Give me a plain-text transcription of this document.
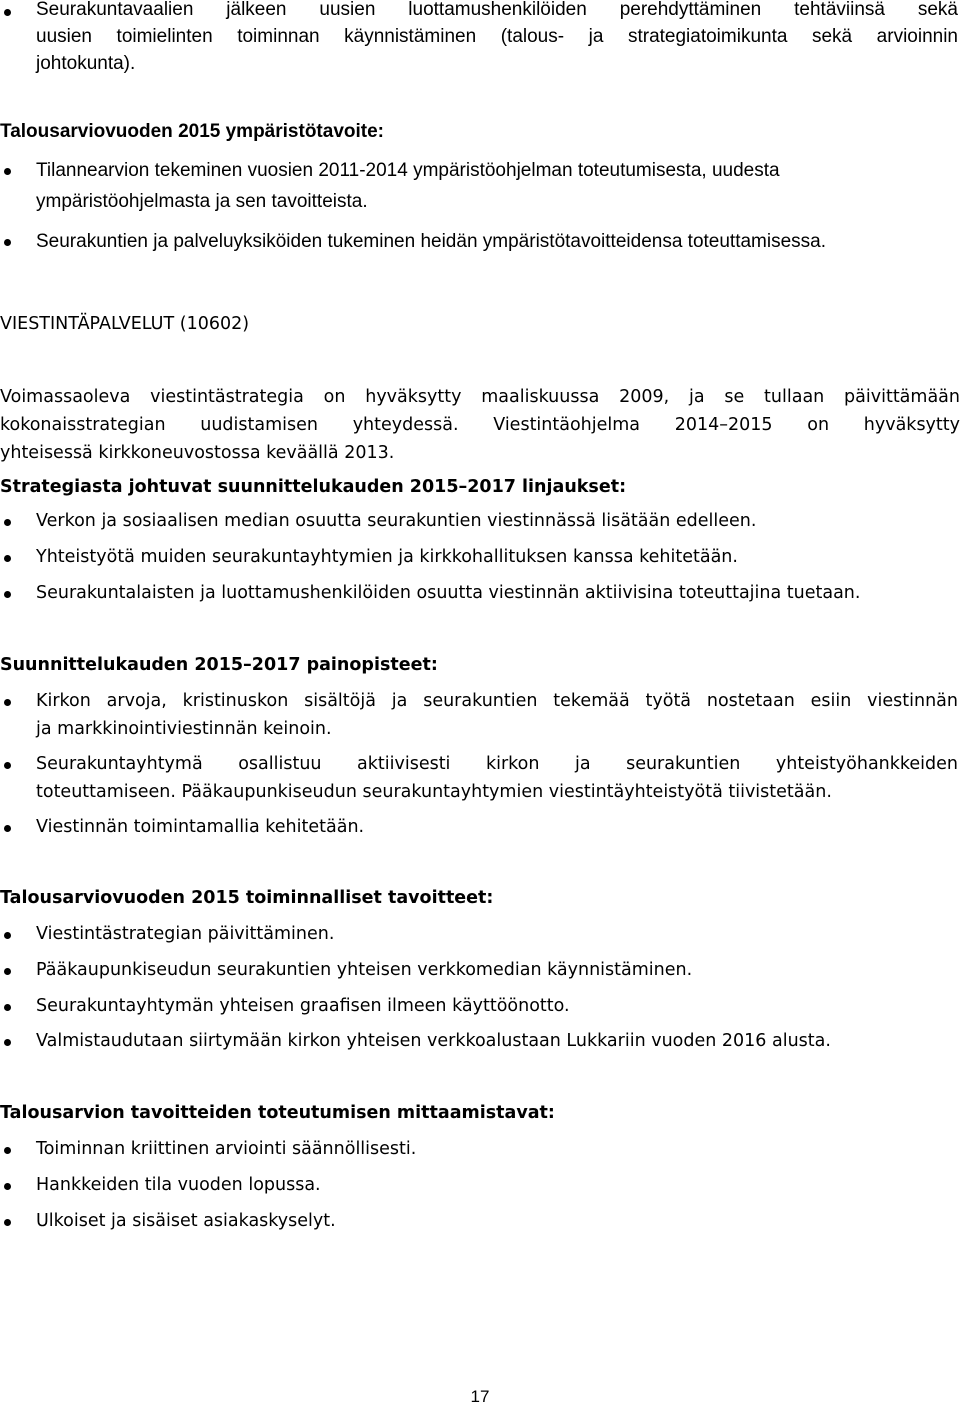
Seurakuntavaalien jälkeen uusien luottamushenkilöiden perehdyttäminen tehtäviinsä sekä
uusien toimielinten toiminnan käynnistäminen (talous- ja strategiatoimikunta sekä arvioinnin
johtokunta).
Talousarviovuoden 2015 ympäristötavoite:
Tilannearvion tekeminen vuosien 2011-2014 ympäristöohjelman toteutumisesta, uudesta
ympäristöohjelmasta ja sen tavoitteista.
Seurakuntien ja palveluyksiköiden tukeminen heidän ympäristötavoitteidensa toteuttamisessa.
VIESTINTÄPALVELUT (10602)
Voimassaoleva viestintästrategia on hyväksytty maaliskuussa 2009, ja se tullaan päivittämään
kokonaisstrategian uudistamisen yhteydessä. Viestintäohjelma 2014–2015 on hyväksytty
yhteisessä kirkkoneuvostossa keväällä 2013.
Strategiasta johtuvat suunnittelukauden 2015–2017 linjaukset:
Verkon ja sosiaalisen median osuutta seurakuntien viestinnässä lisätään edelleen.
Yhteistyötä muiden seurakuntayhtymien ja kirkkohallituksen kanssa kehitetään.
Seurakuntalaisten ja luottamushenkilöiden osuutta viestinnän aktiivisina toteuttajina tuetaan.
Suunnittelukauden 2015–2017 painopisteet:
Kirkon arvoja, kristinuskon sisältöjä ja seurakuntien tekemää työtä nostetaan esiin viestinnän
ja markkinointiviestinnän keinoin.
Seurakuntayhtymä osallistuu aktiivisesti kirkon ja seurakuntien yhteistyöhankkeiden
toteuttamiseen. Pääkaupunkiseudun seurakuntayhtymien viestintäyhteistyötä tiivistetään.
Viestinnän toimintamallia kehitetään.
Talousarviovuoden 2015 toiminnalliset tavoitteet:
Viestintästrategian päivittäminen.
Pääkaupunkiseudun seurakuntien yhteisen verkkomedian käynnistäminen.
Seurakuntayhtymän yhteisen graafisen ilmeen käyttöönotto.
Valmistaudutaan siirtymään kirkon yhteisen verkkoalustaan Lukkariin vuoden 2016 alusta.
Talousarvion tavoitteiden toteutumisen mittaamistavat:
Toiminnan kriittinen arviointi säännöllisesti.
Hankkeiden tila vuoden lopussa.
Ulkoiset ja sisäiset asiakaskyselyt.
17
